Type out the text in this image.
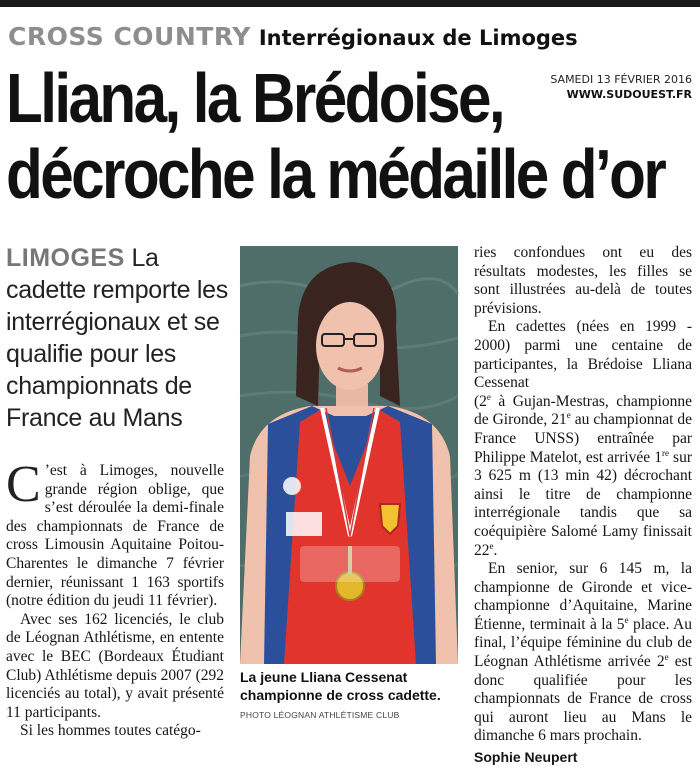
CROSS COUNTRY Interrégionaux de Limoges
SAMEDI 13 FÉVRIER 2016
WWW.SUDOUEST.FR
Lliana, la Brédoise,
décroche la médaille d’or
LIMOGES La cadette remporte les interrégionaux et se qualifie pour les championnats de France au Mans

C ’est à Limoges, nouvelle grande région oblige, que s’est déroulée la demi-finale des championnats de France de cross Limousin Aquitaine Poitou-Charentes le dimanche 7 février dernier, réunissant 1 163 sportifs (notre édition du jeudi 11 février).

Avec ses 162 licenciés, le club de Léognan Athlétisme, en entente avec le BEC (Bordeaux Étudiant Club) Athlétisme depuis 2007 (292 licenciés au total), y avait présenté 11 participants.

Si les hommes toutes catégo-

La jeune Lliana Cessenat championne de cross cadette.
PHOTO LÉOGNAN ATHLÉTISME CLUB

ries confondues ont eu des résultats modestes, les filles se sont illustrées au-delà de toutes prévisions.

En cadettes (nées en 1999 - 2000) parmi une centaine de participantes, la Brédoise Lliana Cessenat

(2e à Gujan-Mestras, championne de Gironde, 21e au championnat de France UNSS) entraînée par Philippe Matelot, est arrivée 1re sur 3 625 m (13 min 42) décrochant ainsi le titre de championne interrégionale tandis que sa coéquipière Salomé Lamy finissait 22e.

En senior, sur 6 145 m, la championne de Gironde et vice-championne d’Aquitaine, Marine Étienne, terminait à la 5e place. Au final, l’équipe féminine du club de Léognan Athlétisme arrivée 2e est donc qualifiée pour les championnats de France de cross qui auront lieu au Mans le dimanche 6 mars prochain.

Sophie Neupert
